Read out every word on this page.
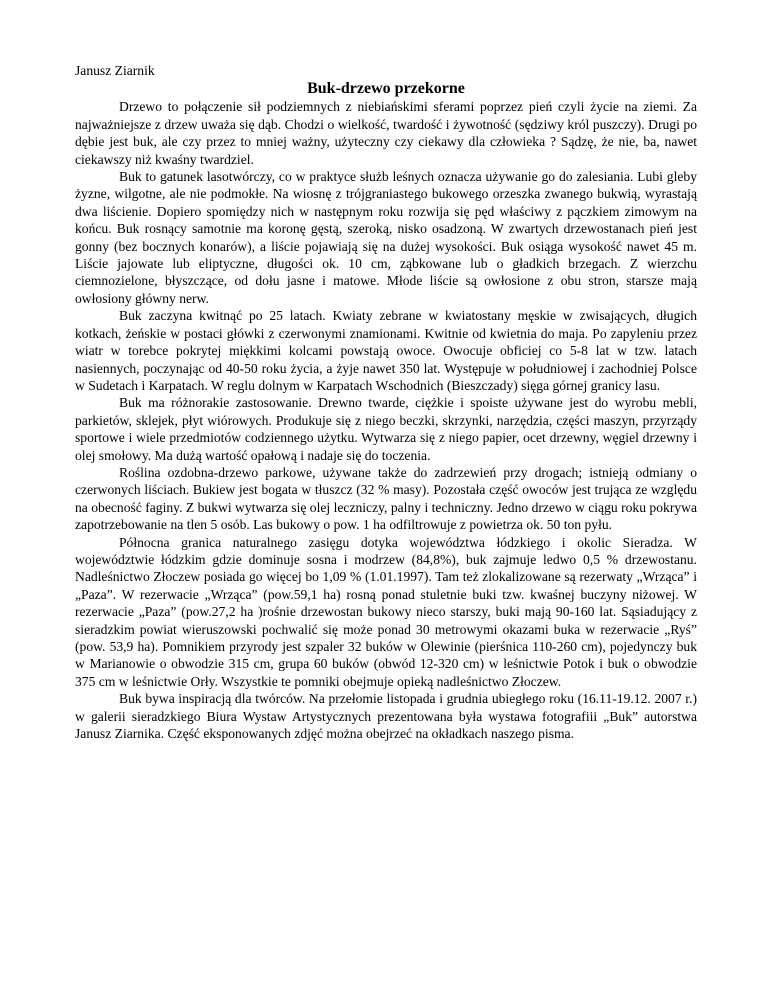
Janusz Ziarnik

Buk-drzewo przekorne

Drzewo to połączenie sił podziemnych z niebiańskimi sferami poprzez pień czyli życie na ziemi. Za najważniejsze z drzew uważa się dąb. Chodzi o wielkość, twardość i żywotność (sędziwy król puszczy). Drugi po dębie jest buk, ale czy przez to mniej ważny, użyteczny czy ciekawy dla człowieka ? Sądzę, że nie, ba, nawet ciekawszy niż kwaśny twardziel.

Buk to gatunek lasotwórczy, co w praktyce służb leśnych oznacza używanie go do zalesiania. Lubi gleby żyzne, wilgotne, ale nie podmokłe. Na wiosnę z trójgraniastego bukowego orzeszka zwanego bukwią, wyrastają dwa liścienie. Dopiero spomiędzy nich w następnym roku rozwija się pęd właściwy z pączkiem zimowym na końcu. Buk rosnący samotnie ma koronę gęstą, szeroką, nisko osadzoną. W zwartych drzewostanach pień jest gonny (bez bocznych konarów), a liście pojawiają się na dużej wysokości. Buk osiąga wysokość nawet 45 m. Liście jajowate lub eliptyczne, długości ok. 10 cm, ząbkowane lub o gładkich brzegach. Z wierzchu ciemnozielone, błyszczące, od dołu jasne i matowe. Młode liście są owłosione z obu stron, starsze mają owłosiony główny nerw.

Buk zaczyna kwitnąć po 25 latach. Kwiaty zebrane w kwiatostany męskie w zwisających, długich kotkach, żeńskie w postaci główki z czerwonymi znamionami. Kwitnie od kwietnia do maja. Po zapyleniu przez wiatr w torebce pokrytej miękkimi kolcami powstają owoce. Owocuje obficiej co 5-8 lat w tzw. latach nasiennych, poczynając od 40-50 roku życia, a żyje nawet 350 lat. Występuje w południowej i zachodniej Polsce w Sudetach i Karpatach. W reglu dolnym w Karpatach Wschodnich (Bieszczady) sięga górnej granicy lasu.

Buk ma różnorakie zastosowanie. Drewno twarde, ciężkie i spoiste używane jest do wyrobu mebli, parkietów, sklejek, płyt wiórowych. Produkuje się z niego beczki, skrzynki, narzędzia, części maszyn, przyrządy sportowe i wiele przedmiotów codziennego użytku. Wytwarza się z niego papier, ocet drzewny, węgiel drzewny i olej smołowy. Ma dużą wartość opałową i nadaje się do toczenia.

Roślina ozdobna-drzewo parkowe, używane także do zadrzewień przy drogach; istnieją odmiany o czerwonych liściach. Bukiew jest bogata w tłuszcz (32 % masy). Pozostała część owoców jest trująca ze względu na obecność faginy. Z bukwi wytwarza się olej leczniczy, palny i techniczny. Jedno drzewo w ciągu roku pokrywa zapotrzebowanie na tlen 5 osób. Las bukowy o pow. 1 ha odfiltrowuje z powietrza ok. 50 ton pyłu.

Północna granica naturalnego zasięgu dotyka województwa łódzkiego i okolic Sieradza. W województwie łódzkim gdzie dominuje sosna i modrzew (84,8%), buk zajmuje ledwo 0,5 % drzewostanu. Nadleśnictwo Złoczew posiada go więcej bo 1,09 % (1.01.1997). Tam też zlokalizowane są rezerwaty „Wrząca” i „Paza”. W rezerwacie „Wrząca” (pow.59,1 ha) rosną ponad stuletnie buki tzw. kwaśnej buczyny niżowej. W rezerwacie „Paza” (pow.27,2 ha )rośnie drzewostan bukowy nieco starszy, buki mają 90-160 lat. Sąsiadujący z sieradzkim powiat wieruszowski pochwalić się może ponad 30 metrowymi okazami buka w rezerwacie „Ryś” (pow. 53,9 ha). Pomnikiem przyrody jest szpaler 32 buków w Olewinie (pierśnica 110-260 cm), pojedynczy buk w Marianowie o obwodzie 315 cm, grupa 60 buków (obwód 12-320 cm) w leśnictwie Potok i buk o obwodzie 375 cm w leśnictwie Orły. Wszystkie te pomniki obejmuje opieką nadleśnictwo Złoczew.

Buk bywa inspiracją dla twórców. Na przełomie listopada i grudnia ubiegłego roku (16.11-19.12. 2007 r.) w galerii sieradzkiego Biura Wystaw Artystycznych prezentowana była wystawa fotografiii „Buk” autorstwa Janusz Ziarnika. Część eksponowanych zdjęć można obejrzeć na okładkach naszego pisma.
